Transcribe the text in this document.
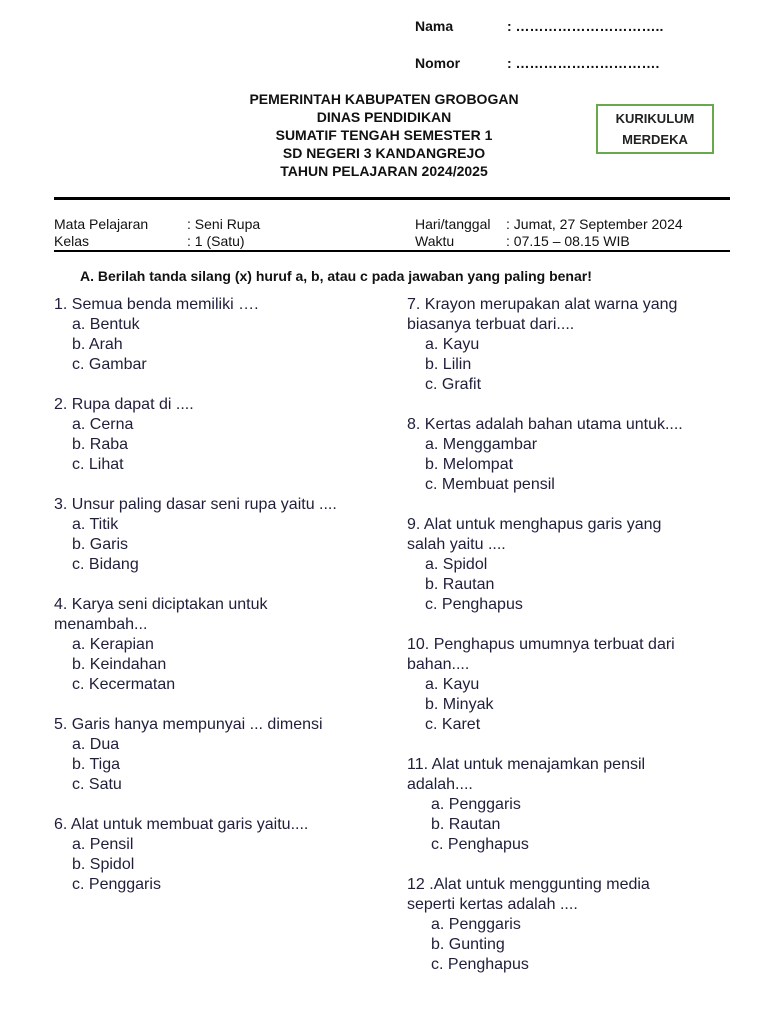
Nama	: …………………………..
Nomor	: ………………………….
PEMERINTAH KABUPATEN GROBOGAN
DINAS PENDIDIKAN
SUMATIF TENGAH SEMESTER 1
SD NEGERI 3 KANDANGREJO
TAHUN PELAJARAN 2024/2025
KURIKULUM
MERDEKA
Mata Pelajaran	: Seni Rupa
Kelas	: 1 (Satu)
Hari/tanggal : Jumat, 27 September 2024
Waktu	: 07.15 – 08.15 WIB
A. Berilah tanda silang (x) huruf a, b, atau c pada jawaban yang paling benar!
1. Semua benda memiliki ….
a. Bentuk
b. Arah
c. Gambar
2. Rupa dapat di ....
a. Cerna
b. Raba
c. Lihat
3. Unsur paling dasar seni rupa yaitu ....
a. Titik
b. Garis
c. Bidang
4. Karya seni diciptakan untuk menambah...
a. Kerapian
b. Keindahan
c. Kecermatan
5. Garis hanya mempunyai ... dimensi
a. Dua
b. Tiga
c. Satu
6. Alat untuk membuat garis yaitu....
a. Pensil
b. Spidol
c. Penggaris
7. Krayon merupakan alat warna yang biasanya terbuat dari....
a. Kayu
b. Lilin
c. Grafit
8. Kertas adalah bahan utama untuk....
a. Menggambar
b. Melompat
c. Membuat pensil
9. Alat untuk menghapus garis yang salah yaitu ....
a. Spidol
b. Rautan
c. Penghapus
10. Penghapus umumnya terbuat dari bahan....
a. Kayu
b. Minyak
c. Karet
11. Alat untuk menajamkan pensil adalah....
a. Penggaris
b. Rautan
c. Penghapus
12 .Alat untuk menggunting media seperti kertas adalah ....
a. Penggaris
b. Gunting
c. Penghapus
